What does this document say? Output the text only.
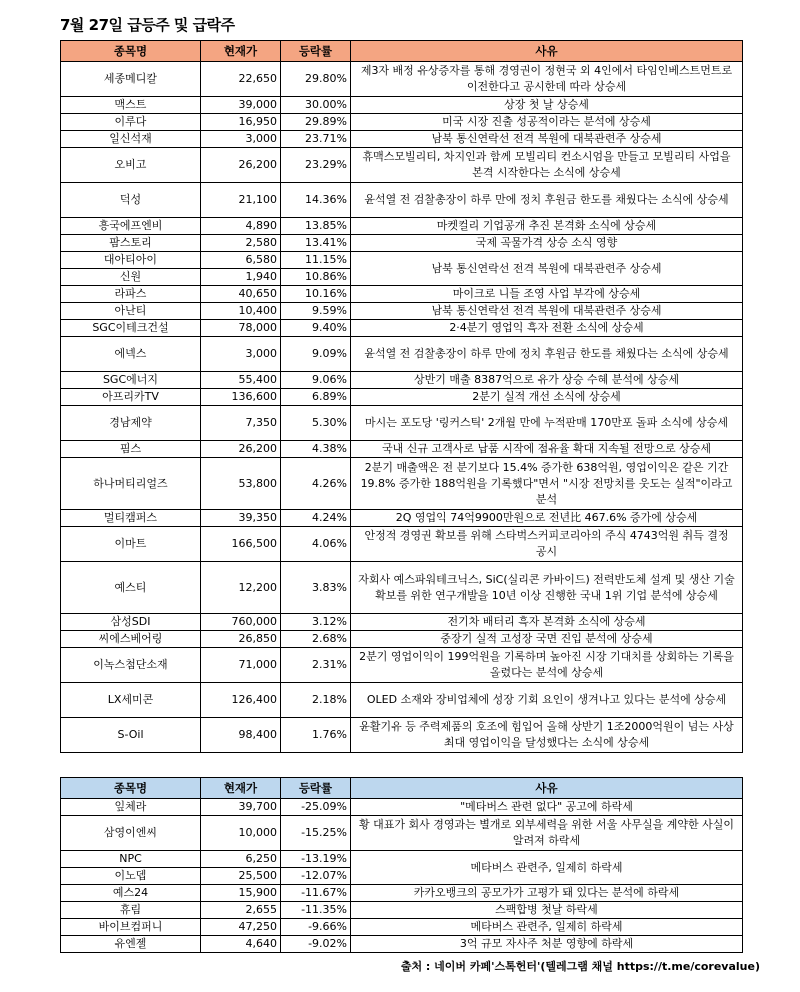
7월 27일 급등주 및 급락주
종목명	현재가	등락률	사유
세종메디칼	22,650	29.80%	제3자 배정 유상증자를 통해 경영권이 정현국 외 4인에서 타임인베스트먼트로 이전한다고 공시한데 따라 상승세
맥스트	39,000	30.00%	상장 첫 날 상승세
이루다	16,950	29.89%	미국 시장 진출 성공적이라는 분석에 상승세
일신석재	3,000	23.71%	남북 통신연락선 전격 복원에 대북관련주 상승세
오비고	26,200	23.29%	휴맥스모빌리티, 차지인과 함께 모빌리티 컨소시엄을 만들고 모빌리티 사업을 본격 시작한다는 소식에 상승세
덕성	21,100	14.36%	윤석열 전 검찰총장이 하루 만에 정치 후원금 한도를 채웠다는 소식에 상승세
흥국에프엔비	4,890	13.85%	마켓컬리 기업공개 추진 본격화 소식에 상승세
팜스토리	2,580	13.41%	국제 곡물가격 상승 소식 영향
대아티아이	6,580	11.15%	남북 통신연락선 전격 복원에 대북관련주 상승세
신원	1,940	10.86%	
라파스	40,650	10.16%	마이크로 니들 조영 사업 부각에 상승세
아난티	10,400	9.59%	남북 통신연락선 전격 복원에 대북관련주 상승세
SGC이테크건설	78,000	9.40%	2·4분기 영업익 흑자 전환 소식에 상승세
에넥스	3,000	9.09%	윤석열 전 검찰총장이 하루 만에 정치 후원금 한도를 채웠다는 소식에 상승세
SGC에너지	55,400	9.06%	상반기 매출 8387억으로 유가 상승 수혜 분석에 상승세
아프리카TV	136,600	6.89%	2분기 실적 개선 소식에 상승세
경남제약	7,350	5.30%	마시는 포도당 '링커스틱' 2개월 만에 누적판매 170만포 돌파 소식에 상승세
핌스	26,200	4.38%	국내 신규 고객사로 납품 시작에 점유율 확대 지속될 전망으로 상승세
하나머티리얼즈	53,800	4.26%	2분기 매출액은 전 분기보다 15.4% 증가한 638억원, 영업이익은 같은 기간 19.8% 증가한 188억원을 기록했다"면서 "시장 전망치를 웃도는 실적"이라고 분석
멀티캠퍼스	39,350	4.24%	2Q 영업익 74억9900만원으로 전년比 467.6% 증가에 상승세
이마트	166,500	4.06%	안정적 경영권 확보를 위해 스타벅스커피코리아의 주식 4743억원 취득 결정 공시
예스티	12,200	3.83%	자회사 예스파워테크닉스, SiC(실리콘 카바이드) 전력반도체 설계 및 생산 기술 확보를 위한 연구개발을 10년 이상 진행한 국내 1위 기업 분석에 상승세
삼성SDI	760,000	3.12%	전기차 배터리 흑자 본격화 소식에 상승세
씨에스베어링	26,850	2.68%	중장기 실적 고성장 국면 진입 분석에 상승세
이녹스첨단소재	71,000	2.31%	2분기 영업이익이 199억원을 기록하며 높아진 시장 기대치를 상회하는 기록을 올렸다는 분석에 상승세
LX세미콘	126,400	2.18%	OLED 소재와 장비업체에 성장 기회 요인이 생겨나고 있다는 분석에 상승세
S-Oil	98,400	1.76%	윤활기유 등 주력제품의 호조에 힘입어 올해 상반기 1조2000억원이 넘는 사상 최대 영업이익을 달성했다는 소식에 상승세
종목명	현재가	등락률	사유
잎체라	39,700	-25.09%	"메타버스 관련 없다" 공고에 하락세
삼영이엔씨	10,000	-15.25%	황 대표가 회사 경영과는 별개로 외부세력을 위한 서울 사무실을 계약한 사실이 알려져 하락세
NPC	6,250	-13.19%	메타버스 관련주, 일제히 하락세
이노뎁	25,500	-12.07%	
예스24	15,900	-11.67%	카카오뱅크의 공모가가 고평가 돼 있다는 분석에 하락세
휴림	2,655	-11.35%	스팩합병 첫날 하락세
바이브컴퍼니	47,250	-9.66%	메타버스 관련주, 일제히 하락세
유엔젤	4,640	-9.02%	3억 규모 자사주 처분 영향에 하락세
출처 : 네이버 카페'스톡헌터'(텔레그램 채널 https://t.me/corevalue)
